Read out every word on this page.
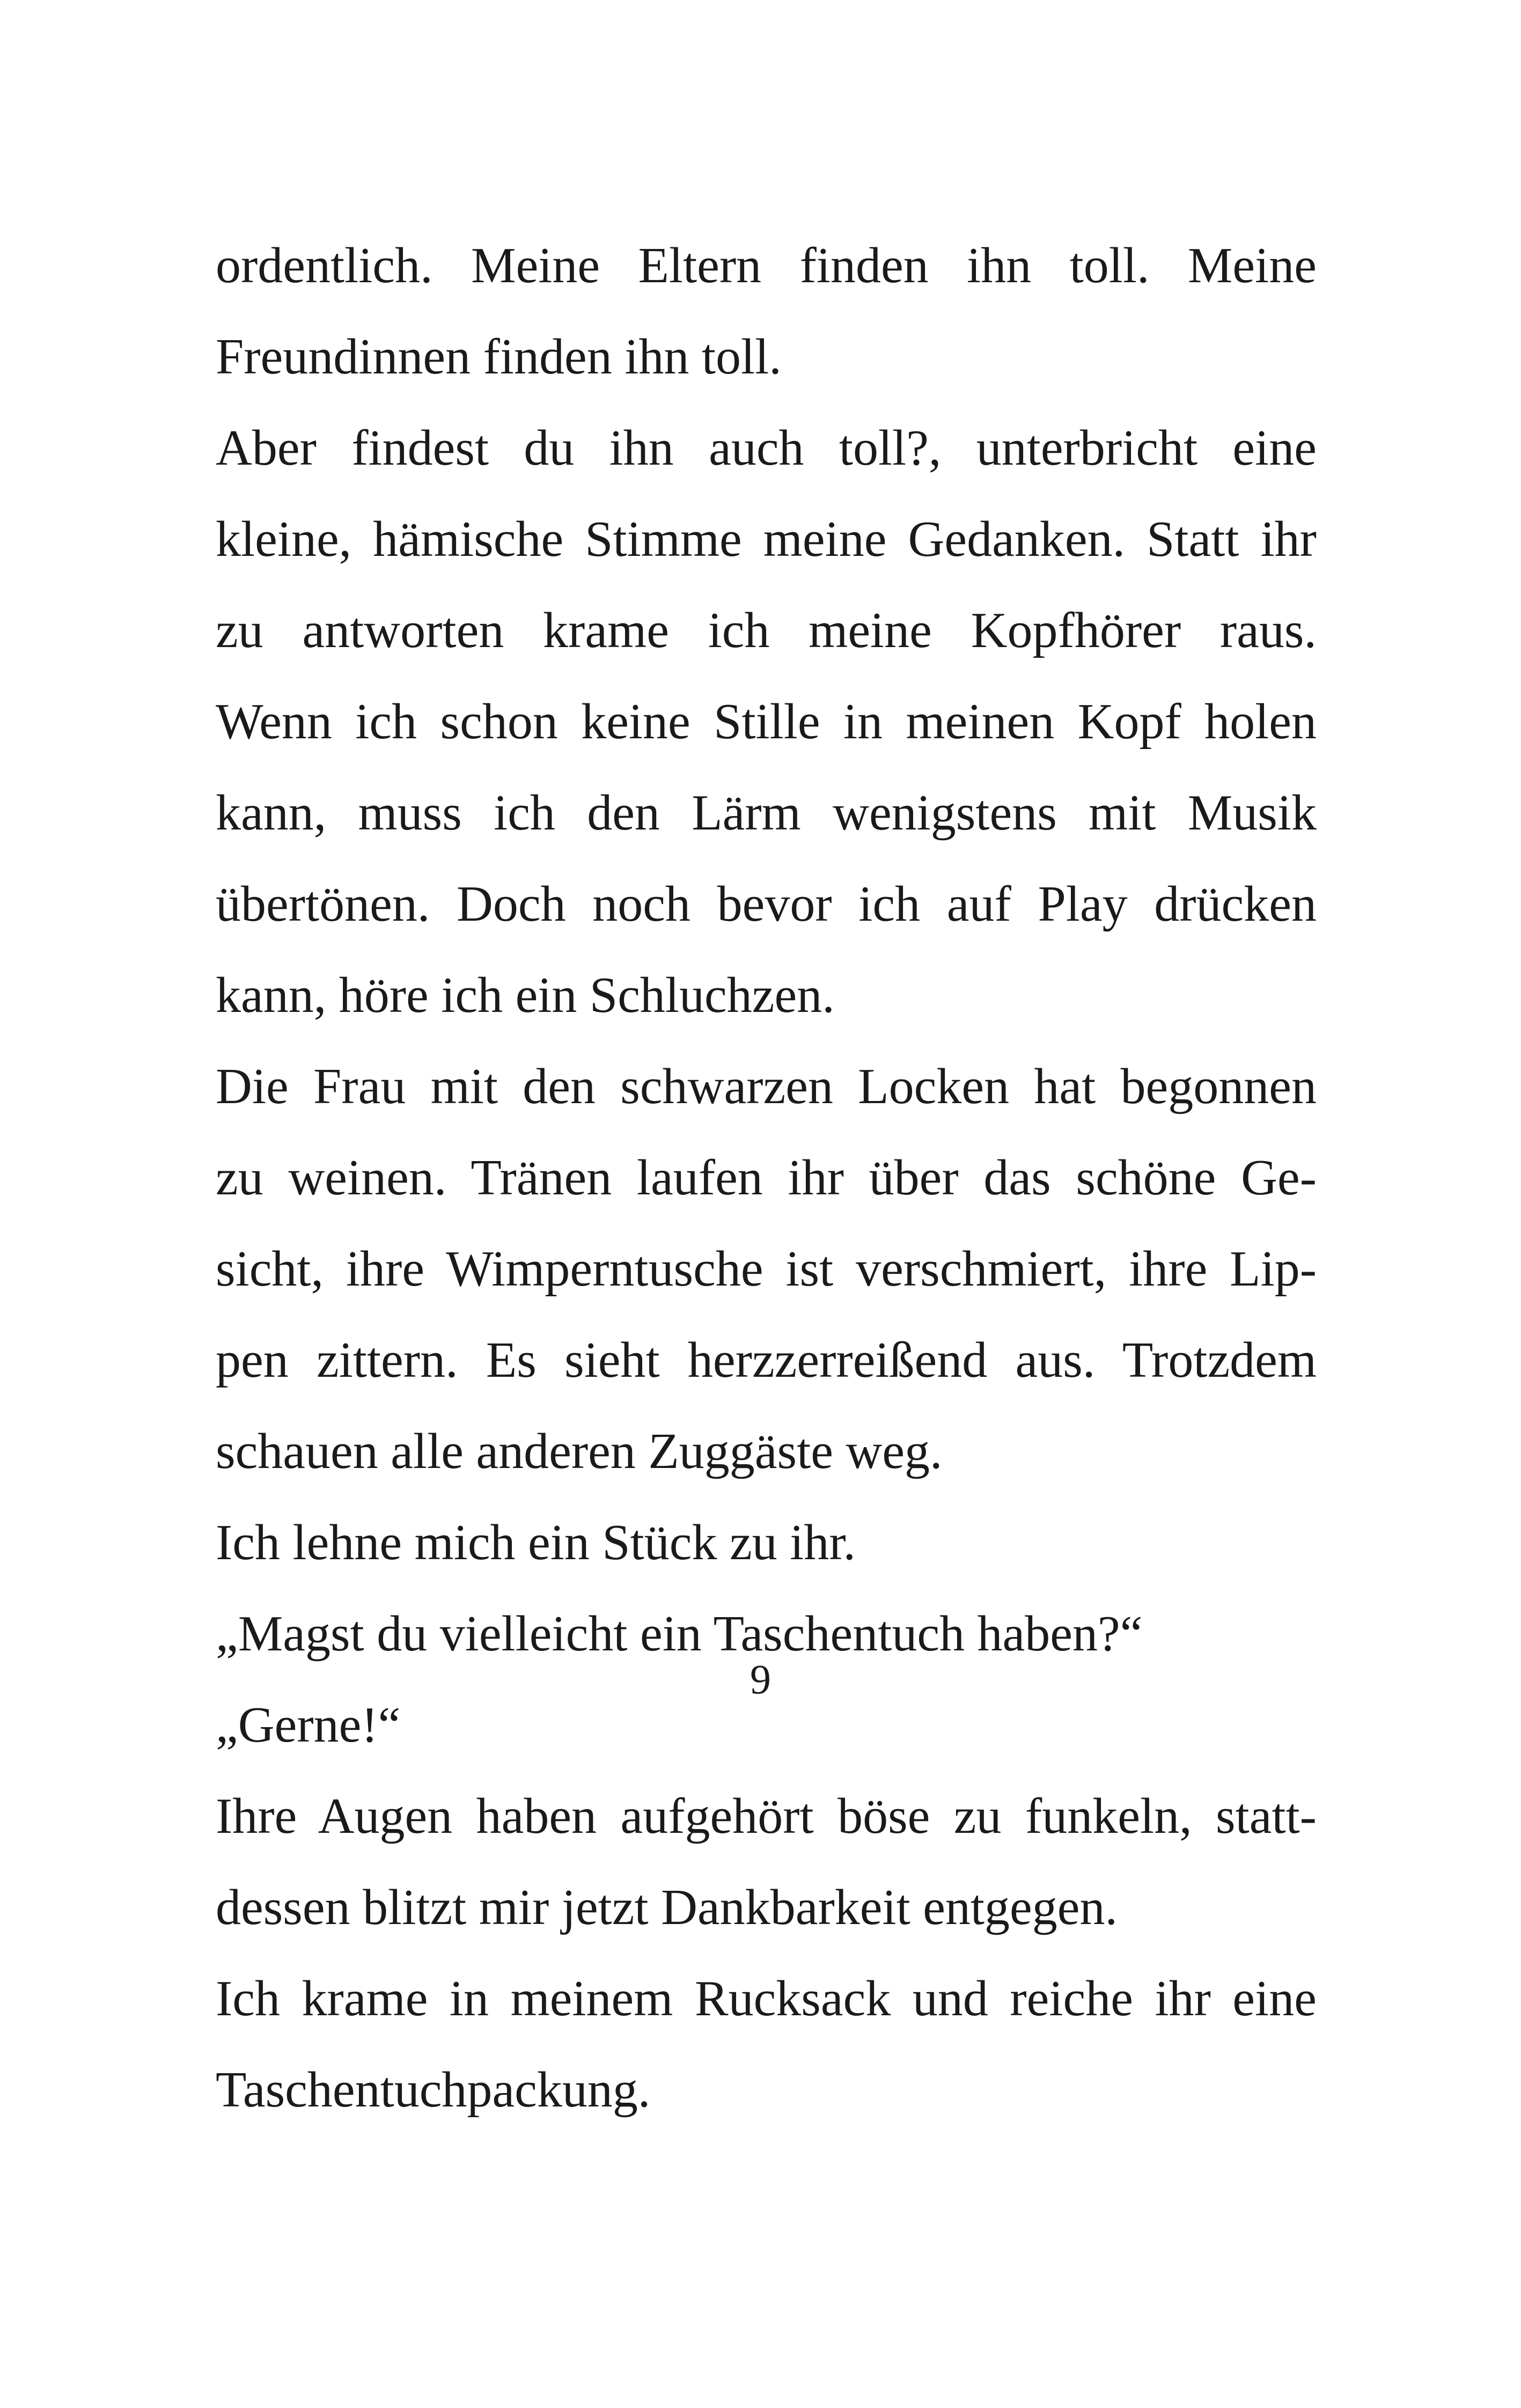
ordentlich. Meine Eltern finden ihn toll. Meine
Freundinnen finden ihn toll.
Aber findest du ihn auch toll?, unterbricht eine
kleine, hämische Stimme meine Gedanken. Statt ihr
zu antworten krame ich meine Kopfhörer raus.
Wenn ich schon keine Stille in meinen Kopf holen
kann, muss ich den Lärm wenigstens mit Musik
übertönen. Doch noch bevor ich auf Play drücken
kann, höre ich ein Schluchzen.
Die Frau mit den schwarzen Locken hat begonnen
zu weinen. Tränen laufen ihr über das schöne Ge-
sicht, ihre Wimperntusche ist verschmiert, ihre Lip-
pen zittern. Es sieht herzzerreißend aus. Trotzdem
schauen alle anderen Zuggäste weg.
Ich lehne mich ein Stück zu ihr.
„Magst du vielleicht ein Taschentuch haben?“
„Gerne!“
Ihre Augen haben aufgehört böse zu funkeln, statt-
dessen blitzt mir jetzt Dankbarkeit entgegen.
Ich krame in meinem Rucksack und reiche ihr eine
Taschentuchpackung.
9
